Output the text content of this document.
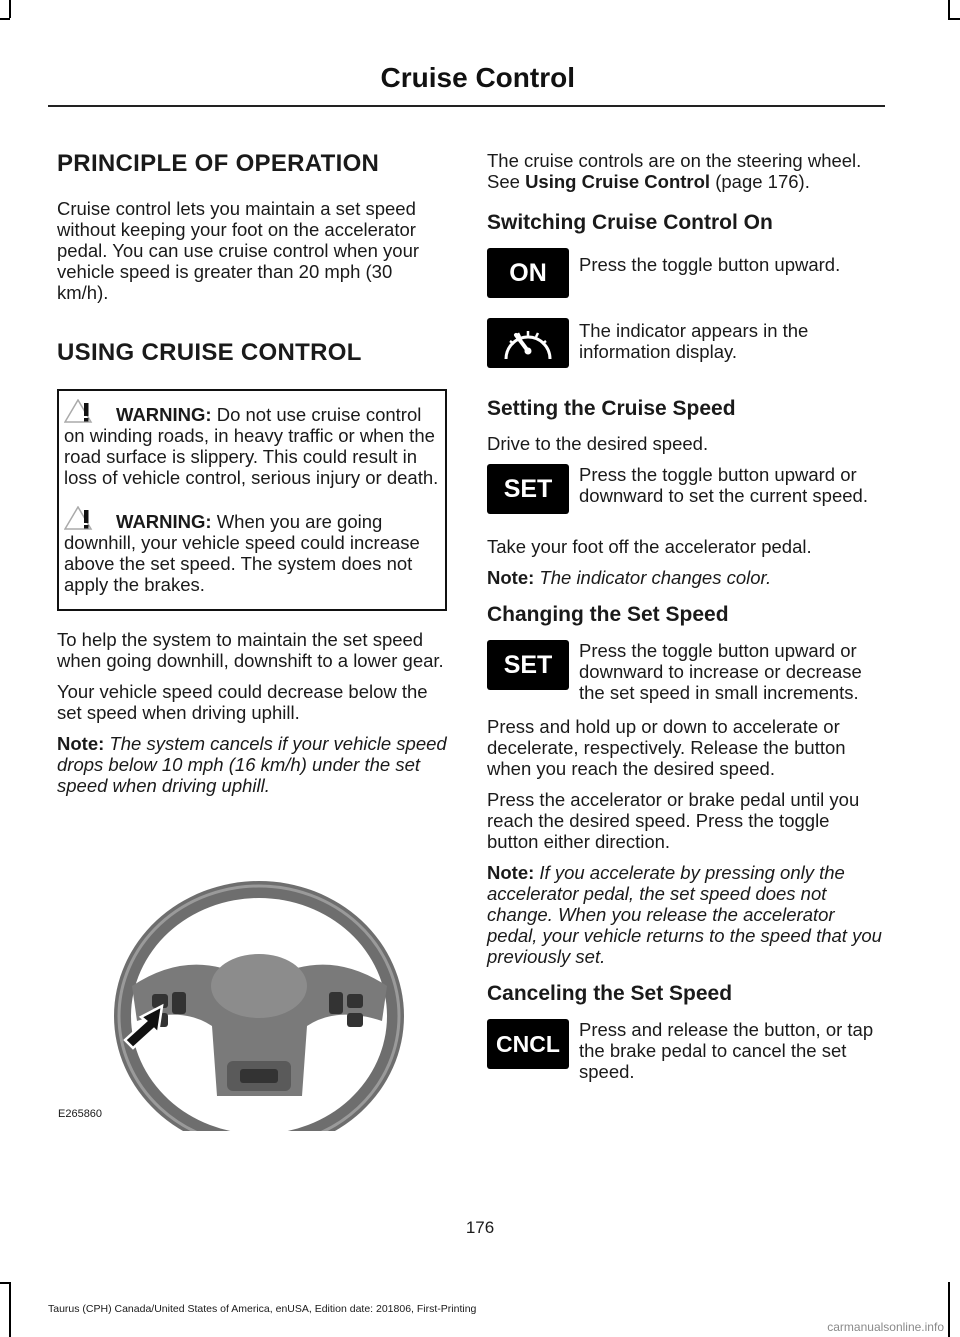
Cruise Control
PRINCIPLE OF OPERATION

Cruise control lets you maintain a set speed without keeping your foot on the accelerator pedal. You can use cruise control when your vehicle speed is greater than 20 mph (30 km/h).

USING CRUISE CONTROL
WARNING: Do not use cruise control on winding roads, in heavy traffic or when the road surface is slippery. This could result in loss of vehicle control, serious injury or death.
WARNING: When you are going downhill, your vehicle speed could increase above the set speed. The system does not apply the brakes.

To help the system to maintain the set speed when going downhill, downshift to a lower gear.

Your vehicle speed could decrease below the set speed when driving uphill.

Note: The system cancels if your vehicle speed drops below 10 mph (16 km/h) under the set speed when driving uphill.

E265860

The cruise controls are on the steering wheel. See Using Cruise Control (page 176).

Switching Cruise Control On
ON Press the toggle button upward.

The indicator appears in the information display.

Setting the Cruise Speed

Drive to the desired speed.

SET Press the toggle button upward or downward to set the current speed.

Take your foot off the accelerator pedal.

Note: The indicator changes color.

Changing the Set Speed
SET	Press the toggle button upward or downward to increase or decrease the set speed in small increments.

Press and hold up or down to accelerate or decelerate, respectively. Release the button when you reach the desired speed.

Press the accelerator or brake pedal until you reach the desired speed. Press the toggle button either direction.

Note: If you accelerate by pressing only the accelerator pedal, the set speed does not change. When you release the accelerator pedal, your vehicle returns to the speed that you previously set.

Canceling the Set Speed
CNCL

Press and release the button, or tap the brake pedal to cancel the set speed.

176
Taurus (CPH) Canada/United States of America, enUSA, Edition date: 201806, First-Printing
carmanualsonline.info
